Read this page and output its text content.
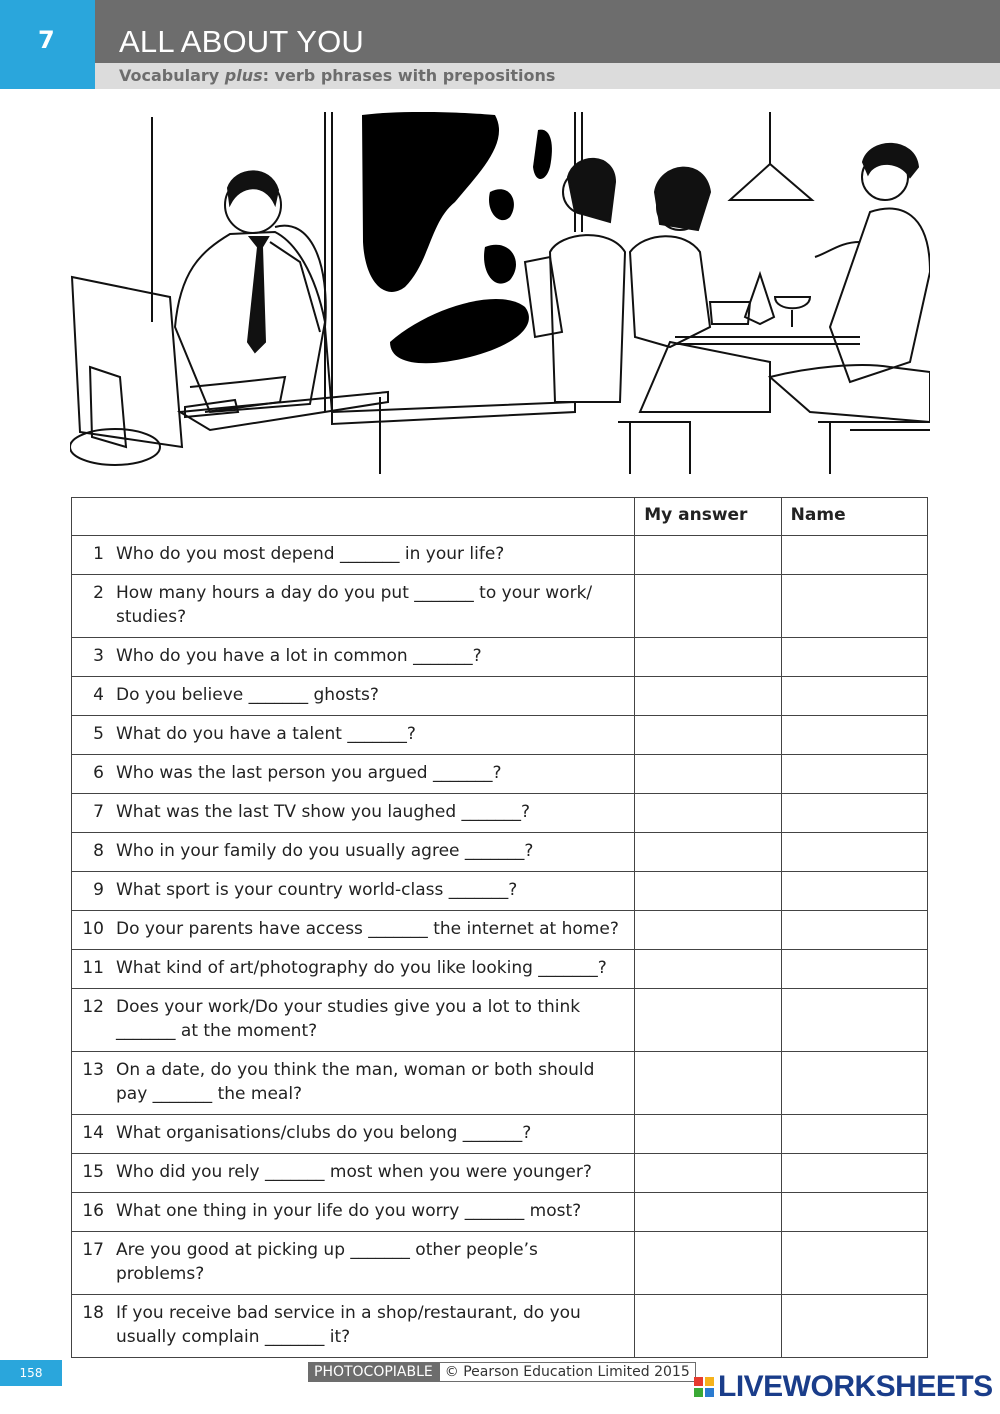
7	ALL ABOUT YOU
Vocabulary plus: verb phrases with prepositions
	My answer	Name

1 Who do you most depend _______ in your life?		

2 How many hours a day do you put _______ to your work/ studies?		

3 Who do you have a lot in common _______?		

4 Do you believe _______ ghosts?		

5 What do you have a talent _______?		

6 Who was the last person you argued _______?		

7 What was the last TV show you laughed _______?		

8 Who in your family do you usually agree _______?		

9 What sport is your country world-class _______?		

10 Do your parents have access _______ the internet at home?		

11 What kind of art/photography do you like looking _______?		

12 Does your work/Do your studies give you a lot to think _______ at the moment?		

13 On a date, do you think the man, woman or both should pay _______ the meal?		

14 What organisations/clubs do you belong _______?		

15 Who did you rely _______ most when you were younger?		

16 What one thing in your life do you worry _______ most?		

17 Are you good at picking up _______ other people’s problems?		

18 If you receive bad service in a shop/restaurant, do you usually complain _______ it?		

158	PHOTOCOPIABLE © Pearson Education Limited 2015 LIVEWORKSHEETS
